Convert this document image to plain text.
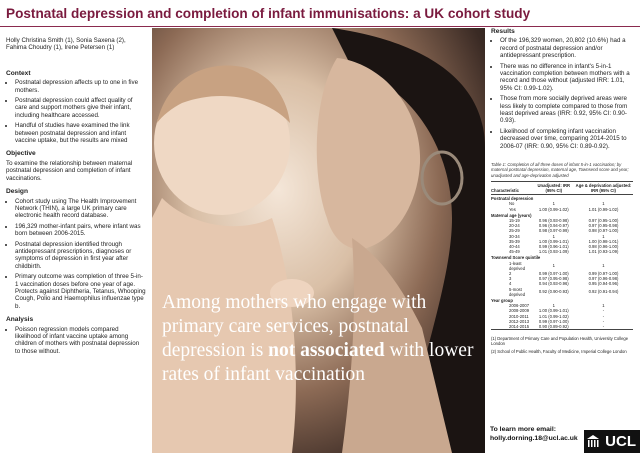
Postnatal depression and completion of infant immunisations: a UK cohort study

Holly Christina Smith (1), Sonia Saxena (2), Fahima Choudry (1), Irene Petersen (1)

Context
• Postnatal depression affects up to one in five mothers.
• Postnatal depression could affect quality of care and support mothers give their infant, including healthcare accessed.
• Handful of studies have examined the link between postnatal depression and infant vaccine uptake, but the results are mixed
Objective

To examine the relationship between maternal postnatal depression and completion of infant vaccinations.

Design
• Cohort study using The Health Improvement Network (THIN), a large UK primary care electronic health record database.
• 196,329 mother-infant pairs, where infant was born between 2006-2015.
• Postnatal depression identified through antidepressant prescriptions, diagnoses or symptoms of depression in first year after childbirth.
• Primary outcome was completion of three 5-in-1 vaccination doses before one year of age. Protects against Diphtheria, Tetanus, Whooping Cough, Polio and Haemophilus influenzae type b.
Analysis
• Poisson regression models compared likelihood of infant vaccine uptake among children of mothers with postnatal depression to those without.
Among mothers who engage with primary care services, postnatal depression is not associated with lower rates of infant vaccination
Results
• Of the 196,329 women, 20,802 (10.6%) had a record of postnatal depression and/or antidepressant prescription.
• There was no difference in infant's 5-in-1 vaccination completion between mothers with a record and those without (adjusted IRR: 1.01, 95% CI: 0.99-1.02).
• Those from more socially deprived areas were less likely to complete compared to those from least deprived areas (IRR: 0.92, 95% CI: 0.90-0.93).
• Likelihood of completing infant vaccination decreased over time, comparing 2014-2015 to 2006-07 (IRR: 0.90, 95% CI: 0.89-0.92).
Table 1: Completion of all three doses of infant 5-in-1 vaccination; by maternal postnatal depression, maternal age, Townsend score and year; unadjusted and age-deprivation adjusted
Characteristic	Unadjusted: IRR (95% CI)	Age & deprivation adjusted: IRR (95% CI)
Postnatal depression		
No	1	1
Yes	1.00 (0.99-1.02)	1.01 (0.99-1.02)
Maternal age (years)		
15-19	0.96 (0.93-0.98)	0.97 (0.95-1.00)
20-24	0.96 (0.94-0.97)	0.97 (0.95-0.98)
25-29	0.98 (0.97-0.99)	0.98 (0.97-1.00)
30-34	1	1
35-39	1.00 (0.99-1.01)	1.00 (0.98-1.01)
40-44	0.99 (0.96-1.01)	0.98 (0.96-1.00)
45-49	1.01 (0.93-1.09)	1.01 (0.93-1.09)
Townsend Score quintile		
1-least deprived	1	1
2	0.99 (0.97-1.00)	0.99 (0.97-1.00)
3	0.97 (0.95-0.98)	0.97 (0.96-0.98)
4	0.94 (0.93-0.96)	0.95 (0.94-0.96)
5-most deprived	0.92 (0.90-0.93)	0.92 (0.91-0.94)
Year group		
2006-2007	1	1
2008-2009	1.00 (0.99-1.01)	-
2010-2011	1.01 (0.99-1.02)	-
2012-2013	0.99 (0.97-1.00)	-
2014-2015	0.90 (0.89-0.92)	-

(1) Department of Primary Care and Population Health, University College London

(2) School of Public Health, Faculty of Medicine, Imperial College London

To learn more email:
holly.dorning.18@ucl.ac.uk	UCL
